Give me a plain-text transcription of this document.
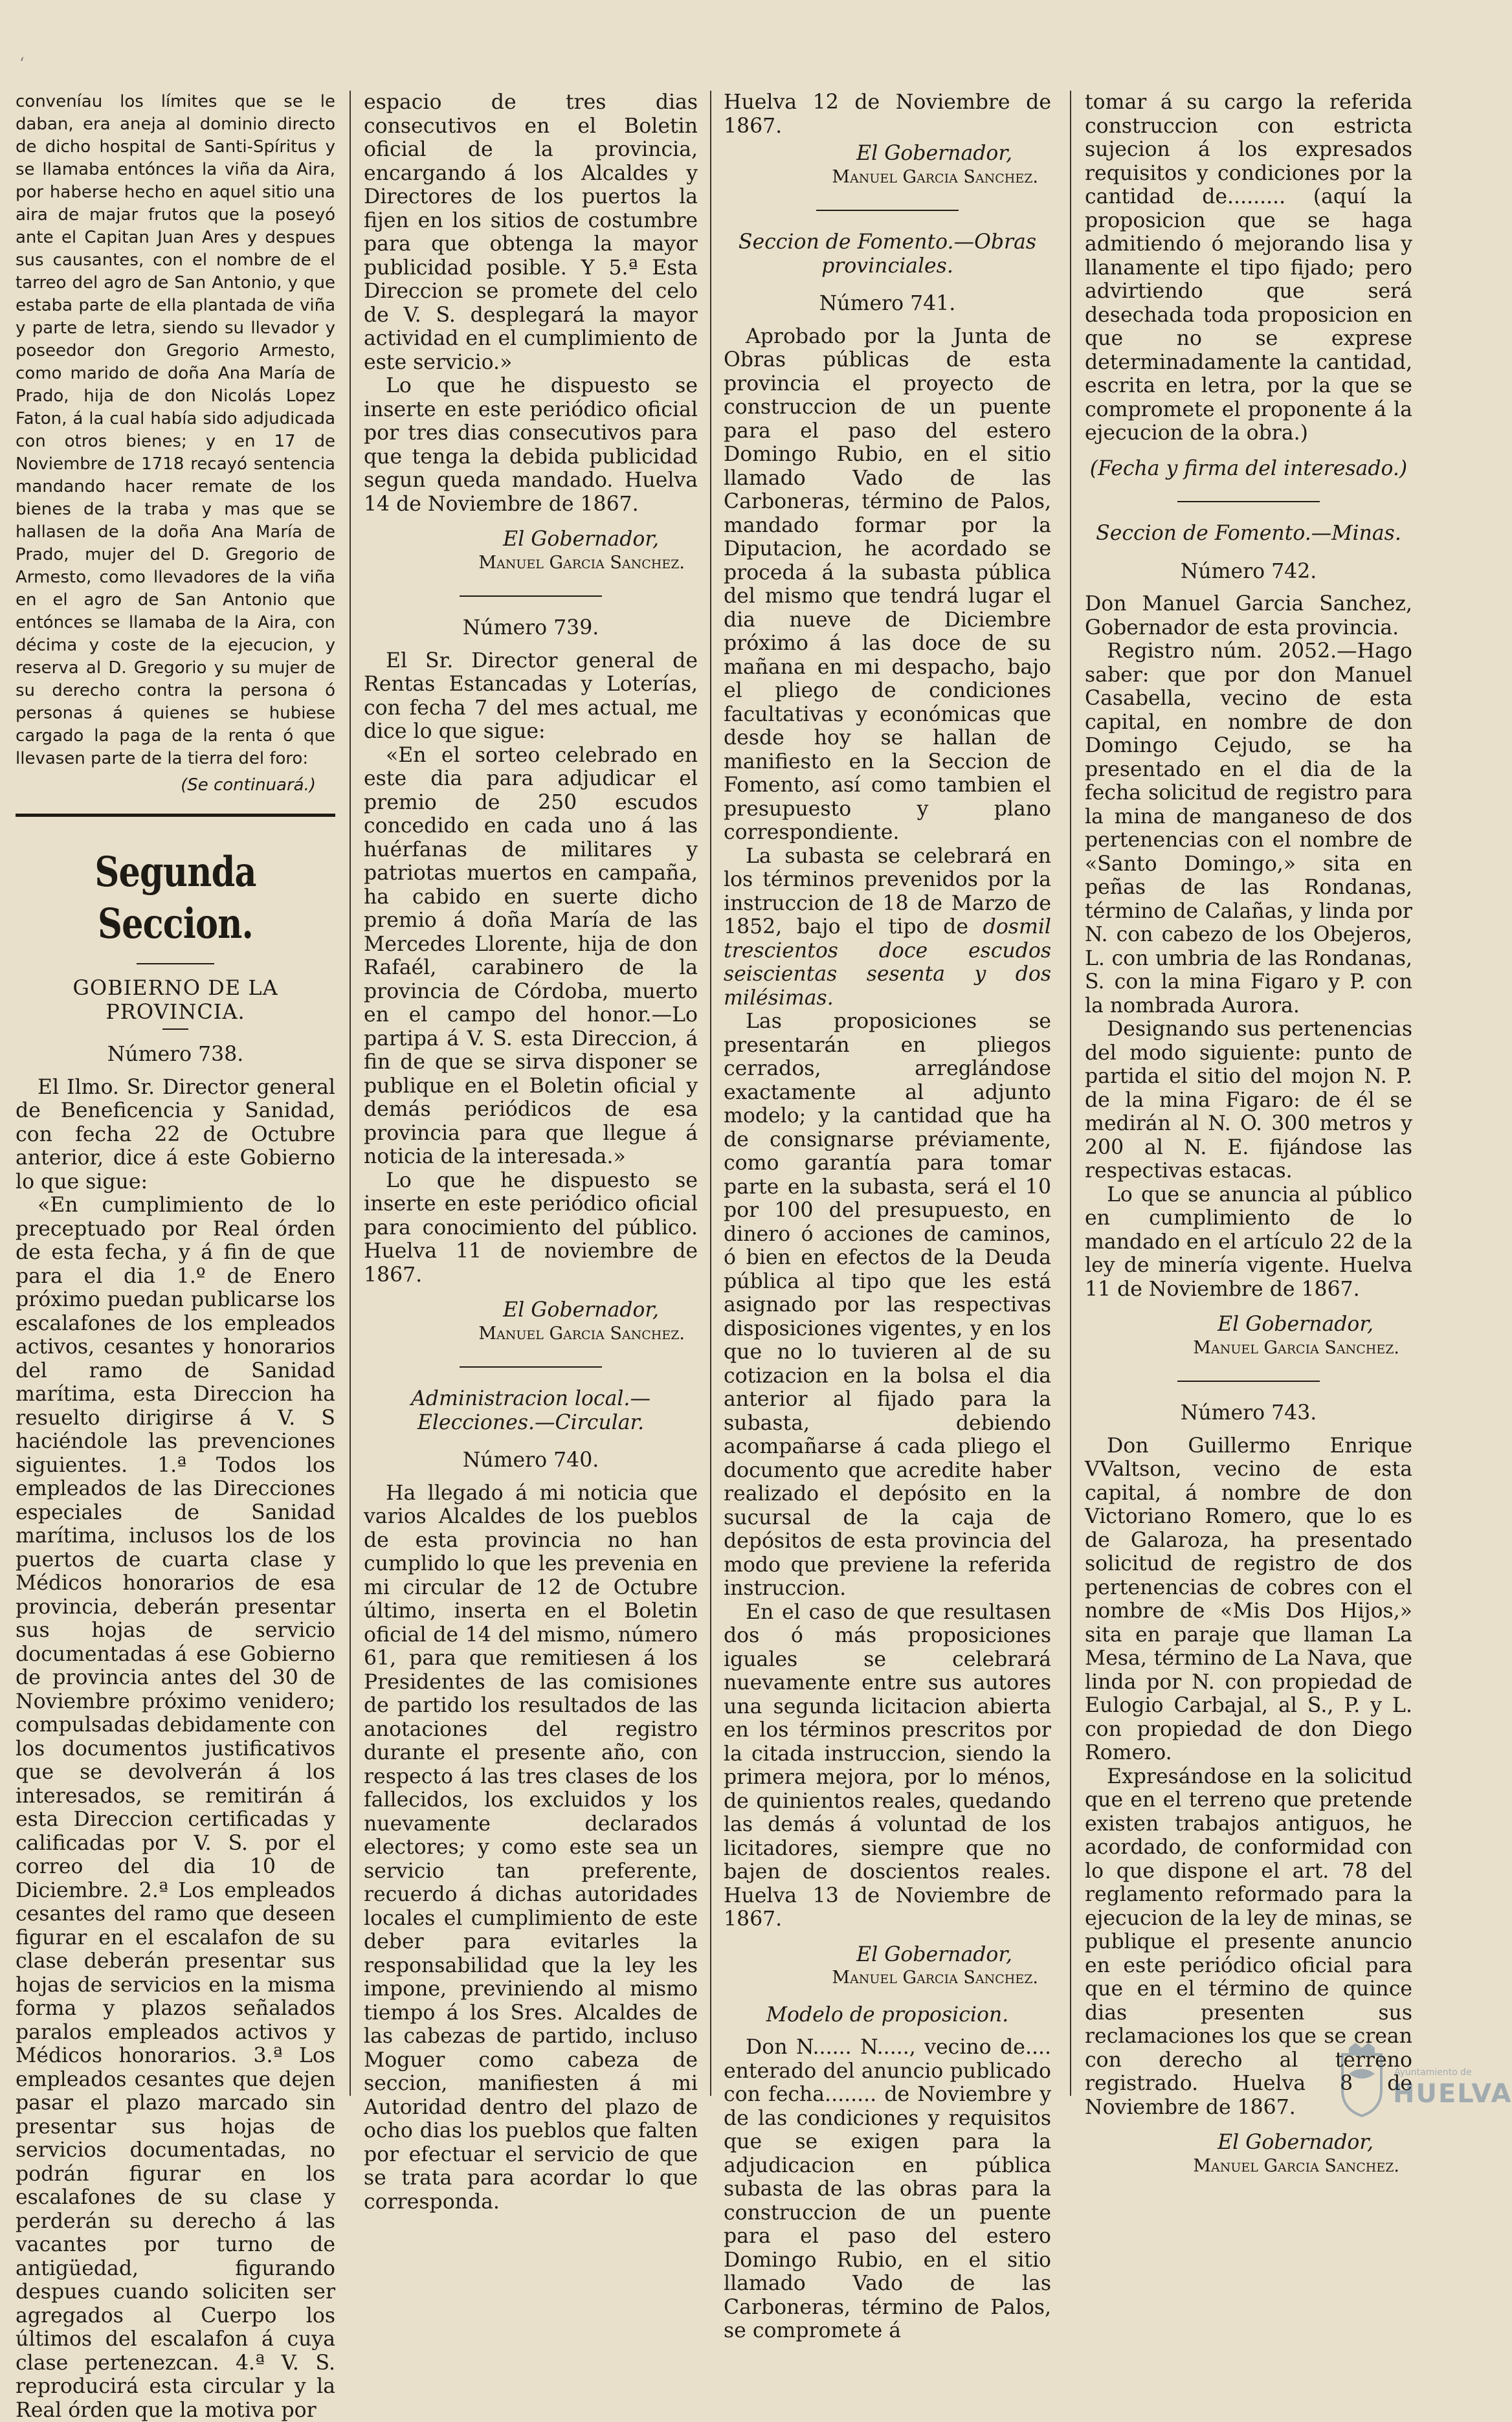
ʻ

conveníau los límites que se le daban, era aneja al dominio directo de dicho hospital de Santi-Spíritus y se llamaba entónces la viña da Aira, por haberse hecho en aquel sitio una aira de majar frutos que la poseyó ante el Capitan Juan Ares y despues sus causantes, con el nombre de el tarreo del agro de San Antonio, y que estaba parte de ella plantada de viña y parte de letra, siendo su llevador y poseedor don Gregorio Armesto, como marido de doña Ana María de Prado, hija de don Nicolás Lopez Faton, á la cual había sido adjudicada con otros bienes; y en 17 de Noviembre de 1718 recayó sentencia mandando hacer remate de los bienes de la traba y mas que se hallasen de la doña Ana María de Prado, mujer del D. Gregorio de Armesto, como llevadores de la viña en el agro de San Antonio que entónces se llamaba de la Aira, con décima y coste de la ejecucion, y reserva al D. Gregorio y su mujer de su derecho contra la persona ó personas á quienes se hubiese cargado la paga de la renta ó que llevasen parte de la tierra del foro:

(Se continuará.)

Segunda Seccion.

GOBIERNO DE LA PROVINCIA.

Número 738.

El Ilmo. Sr. Director general de Beneficencia y Sanidad, con fecha 22 de Octubre anterior, dice á este Gobierno lo que sigue:

«En cumplimiento de lo preceptuado por Real órden de esta fecha, y á fin de que para el dia 1.º de Enero próximo puedan publicarse los escalafones de los empleados activos, cesantes y honorarios del ramo de Sanidad marítima, esta Direccion ha resuelto dirigirse á V. S haciéndole las prevenciones siguientes. 1.ª Todos los empleados de las Direcciones especiales de Sanidad marítima, inclusos los de los puertos de cuarta clase y Médicos honorarios de esa provincia, deberán presentar sus hojas de servicio documentadas á ese Gobierno de provincia antes del 30 de Noviembre próximo venidero; compulsadas debidamente con los documentos justificativos que se devolverán á los interesados, se remitirán á esta Direccion certificadas y calificadas por V. S. por el correo del dia 10 de Diciembre. 2.ª Los empleados cesantes del ramo que deseen figurar en el escalafon de su clase deberán presentar sus hojas de servicios en la misma forma y plazos señalados paralos empleados activos y Médicos honorarios. 3.ª Los empleados cesantes que dejen pasar el plazo marcado sin presentar sus hojas de servicios documentadas, no podrán figurar en los escalafones de su clase y perderán su derecho á las vacantes por turno de antigüedad, figurando despues cuando soliciten ser agregados al Cuerpo los últimos del escalafon á cuya clase pertenezcan. 4.ª V. S. reproducirá esta circular y la Real órden que la motiva por

espacio de tres dias consecutivos en el Boletin oficial de la provincia, encargando á los Alcaldes y Directores de los puertos la fijen en los sitios de costumbre para que obtenga la mayor publicidad posible. Y 5.ª Esta Direccion se promete del celo de V. S. desplegará la mayor actividad en el cumplimiento de este servicio.»

Lo que he dispuesto se inserte en este periódico oficial por tres dias consecutivos para que tenga la debida publicidad segun queda mandado. Huelva 14 de Noviembre de 1867.

El Gobernador,
Manuel Garcia Sanchez.

Número 739.

El Sr. Director general de Rentas Estancadas y Loterías, con fecha 7 del mes actual, me dice lo que sigue:

«En el sorteo celebrado en este dia para adjudicar el premio de 250 escudos concedido en cada uno á las huérfanas de militares y patriotas muertos en campaña, ha cabido en suerte dicho premio á doña María de las Mercedes Llorente, hija de don Rafaél, carabinero de la provincia de Córdoba, muerto en el campo del honor.—Lo partipa á V. S. esta Direccion, á fin de que se sirva disponer se publique en el Boletin oficial y demás periódicos de esa provincia para que llegue á noticia de la interesada.»

Lo que he dispuesto se inserte en este periódico oficial para conocimiento del público. Huelva 11 de noviembre de 1867.

El Gobernador,
Manuel Garcia Sanchez.

Administracion local.—Elecciones.—Circular.

Número 740.

Ha llegado á mi noticia que varios Alcaldes de los pueblos de esta provincia no han cumplido lo que les prevenia en mi circular de 12 de Octubre último, inserta en el Boletin oficial de 14 del mismo, número 61, para que remitiesen á los Presidentes de las comisiones de partido los resultados de las anotaciones del registro durante el presente año, con respecto á las tres clases de los fallecidos, los excluidos y los nuevamente declarados electores; y como este sea un servicio tan preferente, recuerdo á dichas autoridades locales el cumplimiento de este deber para evitarles la responsabilidad que la ley les impone, previniendo al mismo tiempo á los Sres. Alcaldes de las cabezas de partido, incluso Moguer como cabeza de seccion, manifiesten á mi Autoridad dentro del plazo de ocho dias los pueblos que falten por efectuar el servicio de que se trata para acordar lo que corresponda.

Huelva 12 de Noviembre de 1867.

El Gobernador,
Manuel Garcia Sanchez.

Seccion de Fomento.—Obras provinciales.

Número 741.

Aprobado por la Junta de Obras públicas de esta provincia el proyecto de construccion de un puente para el paso del estero Domingo Rubio, en el sitio llamado Vado de las Carboneras, término de Palos, mandado formar por la Diputacion, he acordado se proceda á la subasta pública del mismo que tendrá lugar el dia nueve de Diciembre próximo á las doce de su mañana en mi despacho, bajo el pliego de condiciones facultativas y económicas que desde hoy se hallan de manifiesto en la Seccion de Fomento, así como tambien el presupuesto y plano correspondiente.

La subasta se celebrará en los términos prevenidos por la instruccion de 18 de Marzo de 1852, bajo el tipo de dosmil trescientos doce escudos seiscientas sesenta y dos milésimas.

Las proposiciones se presentarán en pliegos cerrados, arreglándose exactamente al adjunto modelo; y la cantidad que ha de consignarse préviamente, como garantía para tomar parte en la subasta, será el 10 por 100 del presupuesto, en dinero ó acciones de caminos, ó bien en efectos de la Deuda pública al tipo que les está asignado por las respectivas disposiciones vigentes, y en los que no lo tuvieren al de su cotizacion en la bolsa el dia anterior al fijado para la subasta, debiendo acompañarse á cada pliego el documento que acredite haber realizado el depósito en la sucursal de la caja de depósitos de esta provincia del modo que previene la referida instruccion.

En el caso de que resultasen dos ó más proposiciones iguales se celebrará nuevamente entre sus autores una segunda licitacion abierta en los términos prescritos por la citada instruccion, siendo la primera mejora, por lo ménos, de quinientos reales, quedando las demás á voluntad de los licitadores, siempre que no bajen de doscientos reales. Huelva 13 de Noviembre de 1867.

El Gobernador,
Manuel Garcia Sanchez.

Modelo de proposicion.

Don N...... N....., vecino de.... enterado del anuncio publicado con fecha........ de Noviembre y de las condiciones y requisitos que se exigen para la adjudicacion en pública subasta de las obras para la construccion de un puente para el paso del estero Domingo Rubio, en el sitio llamado Vado de las Carboneras, término de Palos, se compromete á

tomar á su cargo la referida construccion con estricta sujecion á los expresados requisitos y condiciones por la cantidad de......... (aquí la proposicion que se haga admitiendo ó mejorando lisa y llanamente el tipo fijado; pero advirtiendo que será desechada toda proposicion en que no se exprese determinadamente la cantidad, escrita en letra, por la que se compromete el proponente á la ejecucion de la obra.)

(Fecha y firma del interesado.)

Seccion de Fomento.—Minas.

Número 742.

Don Manuel Garcia Sanchez, Gobernador de esta provincia.

Registro núm. 2052.—Hago saber: que por don Manuel Casabella, vecino de esta capital, en nombre de don Domingo Cejudo, se ha presentado en el dia de la fecha solicitud de registro para la mina de manganeso de dos pertenencias con el nombre de «Santo Domingo,» sita en peñas de las Rondanas, término de Calañas, y linda por N. con cabezo de los Obejeros, L. con umbria de las Rondanas, S. con la mina Figaro y P. con la nombrada Aurora.

Designando sus pertenencias del modo siguiente: punto de partida el sitio del mojon N. P. de la mina Figaro: de él se medirán al N. O. 300 metros y 200 al N. E. fijándose las respectivas estacas.

Lo que se anuncia al público en cumplimiento de lo mandado en el artículo 22 de la ley de minería vigente. Huelva 11 de Noviembre de 1867.

El Gobernador,
Manuel Garcia Sanchez.

Número 743.

Don Guillermo Enrique VValtson, vecino de esta capital, á nombre de don Victoriano Romero, que lo es de Galaroza, ha presentado solicitud de registro de dos pertenencias de cobres con el nombre de «Mis Dos Hijos,» sita en paraje que llaman La Mesa, término de La Nava, que linda por N. con propiedad de Eulogio Carbajal, al S., P. y L. con propiedad de don Diego Romero.

Expresándose en la solicitud que en el terreno que pretende existen trabajos antiguos, he acordado, de conformidad con lo que dispone el art. 78 del reglamento reformado para la ejecucion de la ley de minas, se publique el presente anuncio en este periódico oficial para que en el término de quince dias presenten sus reclamaciones los que se crean con derecho al terreno registrado. Huelva 8 de Noviembre de 1867.

El Gobernador,
Manuel Garcia Sanchez.
Ayuntamiento de
HUELVA
